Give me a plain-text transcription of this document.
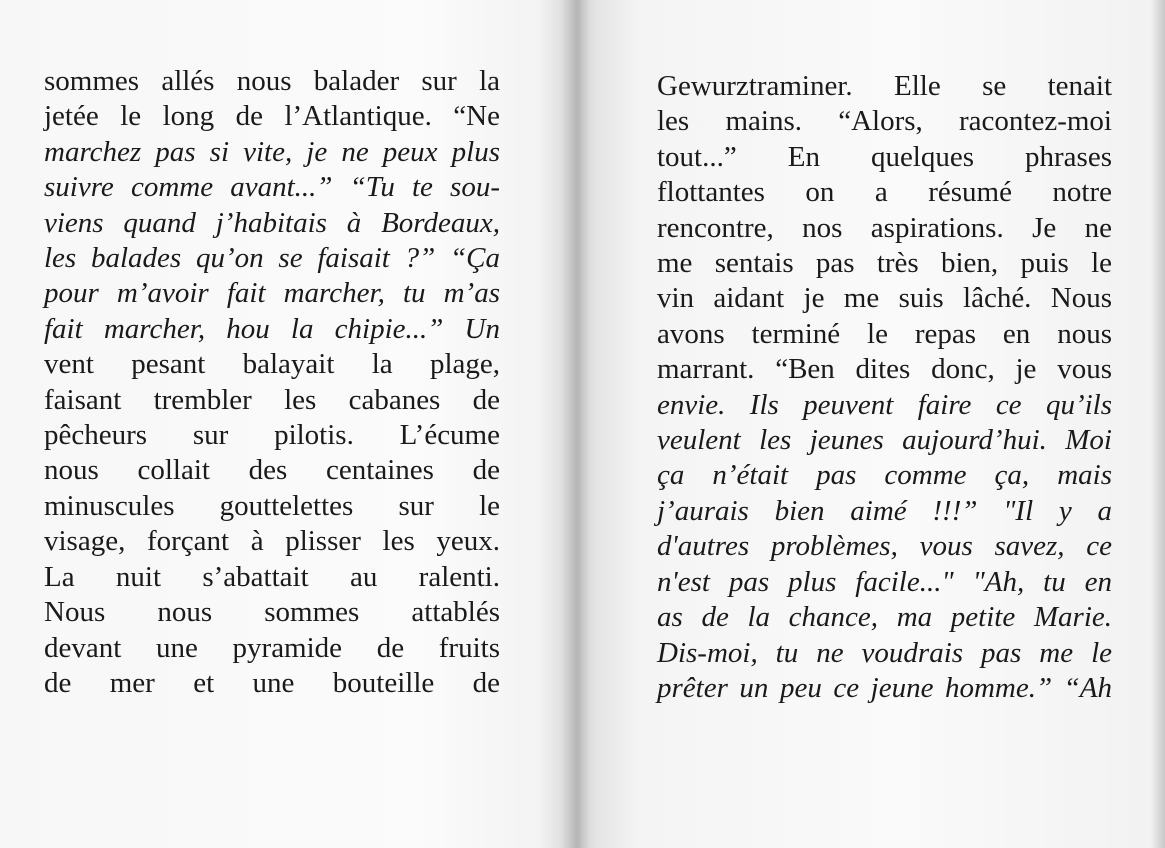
sommes allés nous balader sur la
jetée le long de l’Atlantique. “Ne
marchez pas si vite, je ne peux plus
suivre comme avant...” “Tu te sou-
viens quand j’habitais à Bordeaux,
les balades qu’on se faisait ?” “Ça
pour m’avoir fait marcher, tu m’as
fait marcher, hou la chipie...” Un
vent pesant balayait la plage,
faisant trembler les cabanes de
pêcheurs sur pilotis. L’écume
nous collait des centaines de
minuscules gouttelettes sur le
visage, forçant à plisser les yeux.
La nuit s’abattait au ralenti.
Nous nous sommes attablés
devant une pyramide de fruits
de mer et une bouteille de
Gewurztraminer. Elle se tenait
les mains. “Alors, racontez-moi
tout...” En quelques phrases
flottantes on a résumé notre
rencontre, nos aspirations. Je ne
me sentais pas très bien, puis le
vin aidant je me suis lâché. Nous
avons terminé le repas en nous
marrant. “Ben dites donc, je vous
envie. Ils peuvent faire ce qu’ils
veulent les jeunes aujourd’hui. Moi
ça n’était pas comme ça, mais
j’aurais bien aimé !!!” "Il y a
d'autres problèmes, vous savez, ce
n'est pas plus facile..." "Ah, tu en
as de la chance, ma petite Marie.
Dis-moi, tu ne voudrais pas me le
prêter un peu ce jeune homme.” “Ah
